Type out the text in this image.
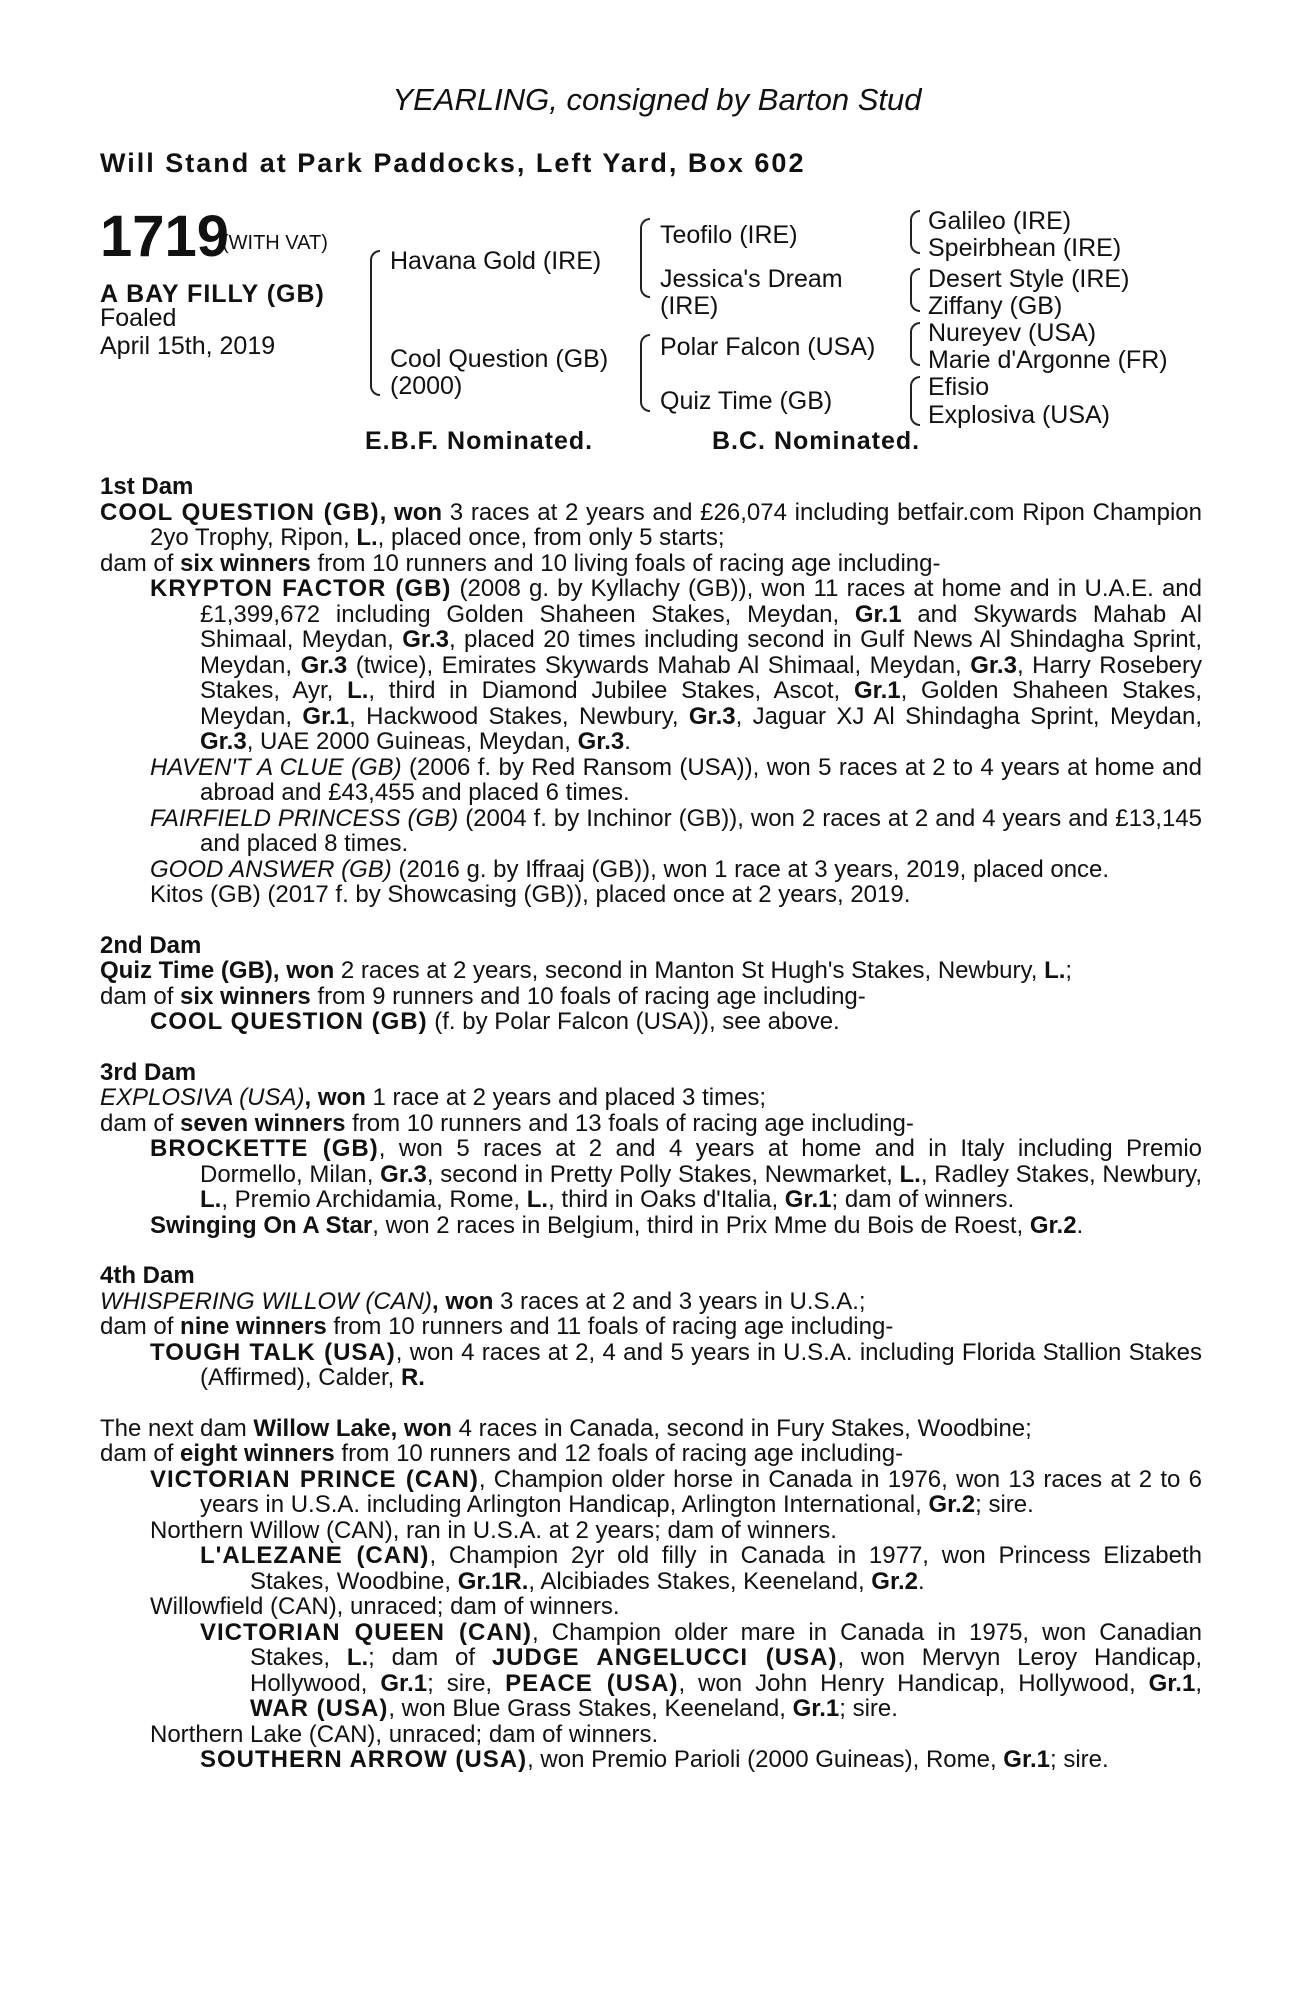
YEARLING, consigned by Barton Stud
Will Stand at Park Paddocks, Left Yard, Box 602
1719
(WITH VAT)
A BAY FILLY (GB)
Foaled
April 15th, 2019
Havana Gold (IRE)
Cool Question (GB)
(2000)
Teofilo (IRE)
Jessica's Dream
(IRE)
Polar Falcon (USA)
Quiz Time (GB)
Galileo (IRE)
Speirbhean (IRE)
Desert Style (IRE)
Ziffany (GB)
Nureyev (USA)
Marie d'Argonne (FR)
Efisio
Explosiva (USA)
E.B.F. Nominated.	B.C. Nominated.
1st Dam

COOL QUESTION (GB), won 3 races at 2 years and £26,074 including betfair.com Ripon Champion 2yo Trophy, Ripon, L., placed once, from only 5 starts;

dam of six winners from 10 runners and 10 living foals of racing age including-

KRYPTON FACTOR (GB) (2008 g. by Kyllachy (GB)), won 11 races at home and in U.A.E. and £1,399,672 including Golden Shaheen Stakes, Meydan, Gr.1 and Skywards Mahab Al Shimaal, Meydan, Gr.3, placed 20 times including second in Gulf News Al Shindagha Sprint, Meydan, Gr.3 (twice), Emirates Skywards Mahab Al Shimaal, Meydan, Gr.3, Harry Rosebery Stakes, Ayr, L., third in Diamond Jubilee Stakes, Ascot, Gr.1, Golden Shaheen Stakes, Meydan, Gr.1, Hackwood Stakes, Newbury, Gr.3, Jaguar XJ Al Shindagha Sprint, Meydan, Gr.3, UAE 2000 Guineas, Meydan, Gr.3.

HAVEN'T A CLUE (GB) (2006 f. by Red Ransom (USA)), won 5 races at 2 to 4 years at home and abroad and £43,455 and placed 6 times.

FAIRFIELD PRINCESS (GB) (2004 f. by Inchinor (GB)), won 2 races at 2 and 4 years and £13,145 and placed 8 times.

GOOD ANSWER (GB) (2016 g. by Iffraaj (GB)), won 1 race at 3 years, 2019, placed once.

Kitos (GB) (2017 f. by Showcasing (GB)), placed once at 2 years, 2019.

2nd Dam

Quiz Time (GB), won 2 races at 2 years, second in Manton St Hugh's Stakes, Newbury, L.;

dam of six winners from 9 runners and 10 foals of racing age including-

COOL QUESTION (GB) (f. by Polar Falcon (USA)), see above.

3rd Dam

EXPLOSIVA (USA), won 1 race at 2 years and placed 3 times;

dam of seven winners from 10 runners and 13 foals of racing age including-

BROCKETTE (GB), won 5 races at 2 and 4 years at home and in Italy including Premio Dormello, Milan, Gr.3, second in Pretty Polly Stakes, Newmarket, L., Radley Stakes, Newbury, L., Premio Archidamia, Rome, L., third in Oaks d'Italia, Gr.1; dam of winners.

Swinging On A Star, won 2 races in Belgium, third in Prix Mme du Bois de Roest, Gr.2.

4th Dam

WHISPERING WILLOW (CAN), won 3 races at 2 and 3 years in U.S.A.;

dam of nine winners from 10 runners and 11 foals of racing age including-

TOUGH TALK (USA), won 4 races at 2, 4 and 5 years in U.S.A. including Florida Stallion Stakes (Affirmed), Calder, R.

The next dam Willow Lake, won 4 races in Canada, second in Fury Stakes, Woodbine;

dam of eight winners from 10 runners and 12 foals of racing age including-

VICTORIAN PRINCE (CAN), Champion older horse in Canada in 1976, won 13 races at 2 to 6 years in U.S.A. including Arlington Handicap, Arlington International, Gr.2; sire.

Northern Willow (CAN), ran in U.S.A. at 2 years; dam of winners.

L'ALEZANE (CAN), Champion 2yr old filly in Canada in 1977, won Princess Elizabeth Stakes, Woodbine, Gr.1R., Alcibiades Stakes, Keeneland, Gr.2.

Willowfield (CAN), unraced; dam of winners.

VICTORIAN QUEEN (CAN), Champion older mare in Canada in 1975, won Canadian Stakes, L.; dam of JUDGE ANGELUCCI (USA), won Mervyn Leroy Handicap, Hollywood, Gr.1; sire, PEACE (USA), won John Henry Handicap, Hollywood, Gr.1, WAR (USA), won Blue Grass Stakes, Keeneland, Gr.1; sire.

Northern Lake (CAN), unraced; dam of winners.

SOUTHERN ARROW (USA), won Premio Parioli (2000 Guineas), Rome, Gr.1; sire.
